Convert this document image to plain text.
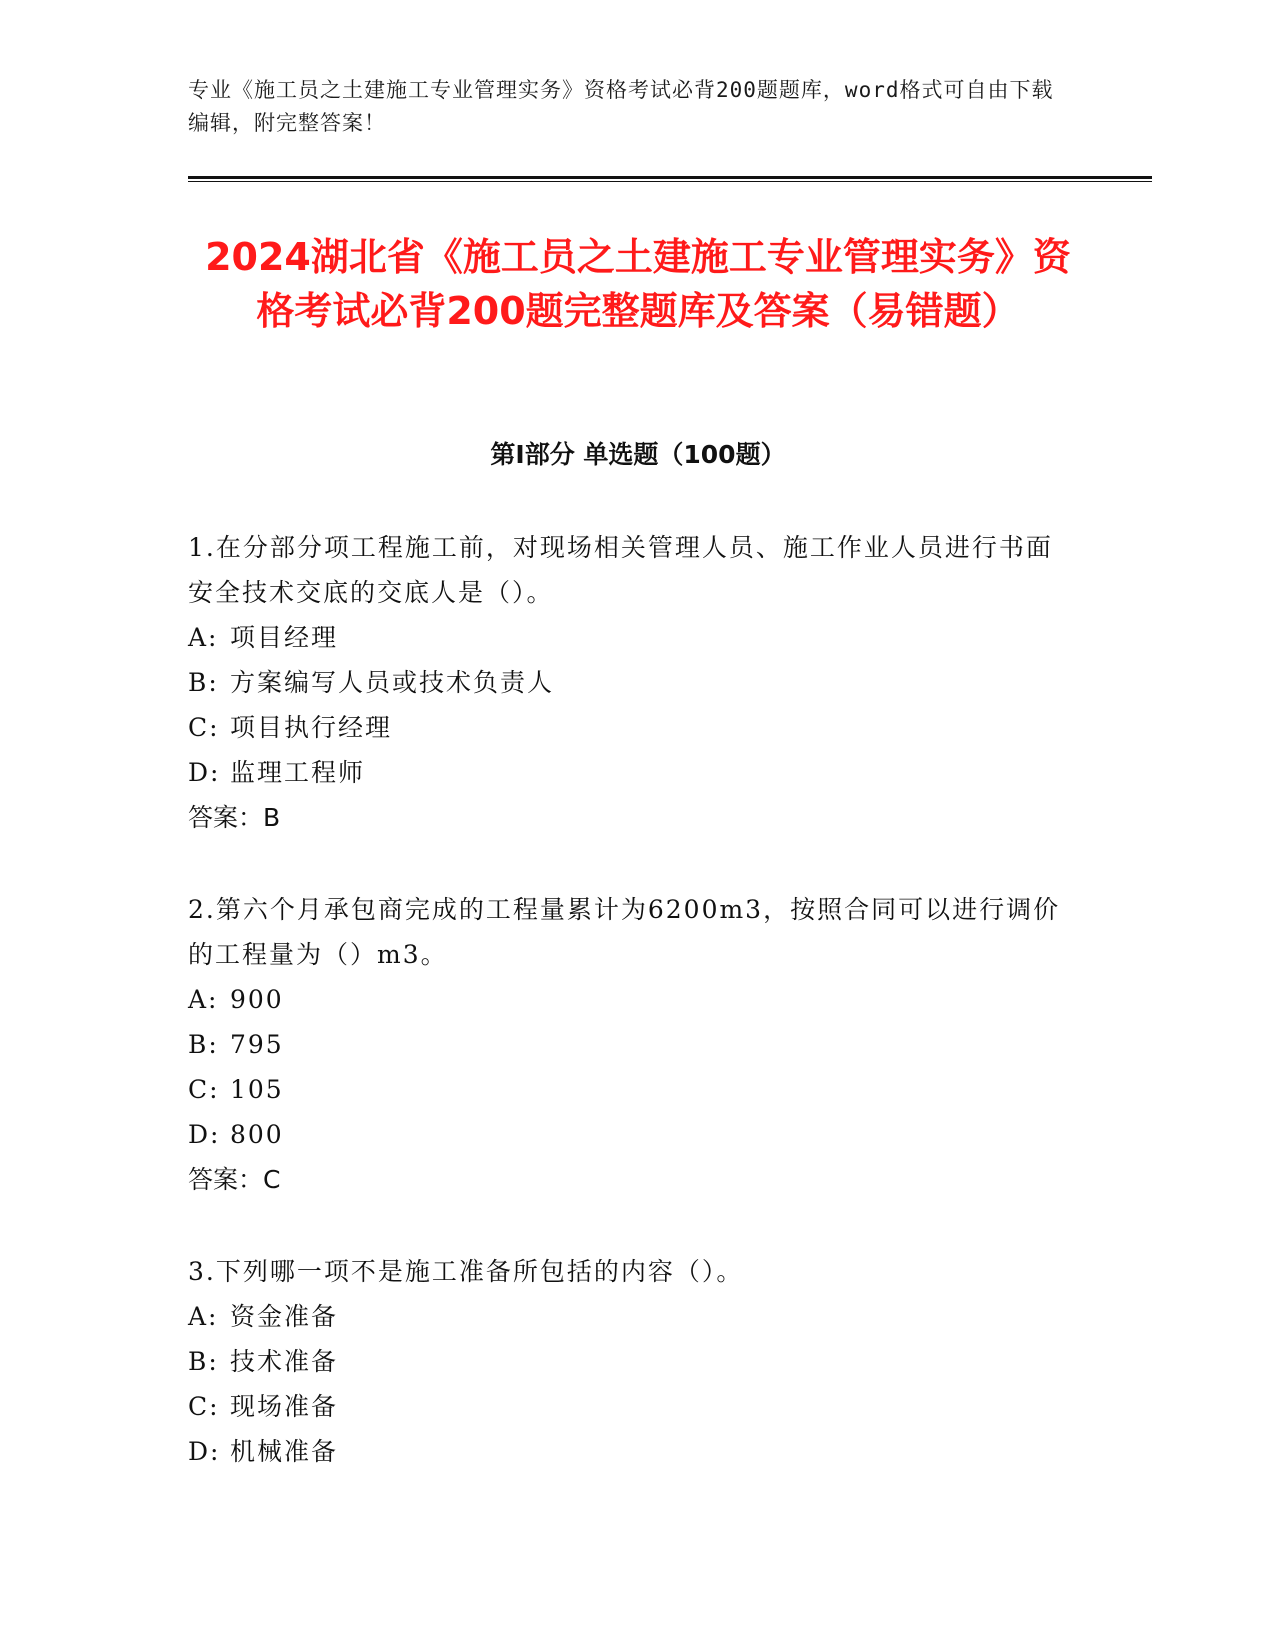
专业《施工员之土建施工专业管理实务》资格考试必背200题题库，word格式可自由下载编辑，附完整答案！
2024湖北省《施工员之土建施工专业管理实务》资格考试必背200题完整题库及答案（易错题）
第I部分 单选题（100题）

1.在分部分项工程施工前，对现场相关管理人员、施工作业人员进行书面安全技术交底的交底人是（）。

A: 项目经理

B: 方案编写人员或技术负责人

C: 项目执行经理

D: 监理工程师

答案：B

2.第六个月承包商完成的工程量累计为6200m3，按照合同可以进行调价的工程量为（）m3。

A: 900

B: 795

C: 105

D: 800

答案：C

3.下列哪一项不是施工准备所包括的内容（）。

A: 资金准备

B: 技术准备

C: 现场准备

D: 机械准备
